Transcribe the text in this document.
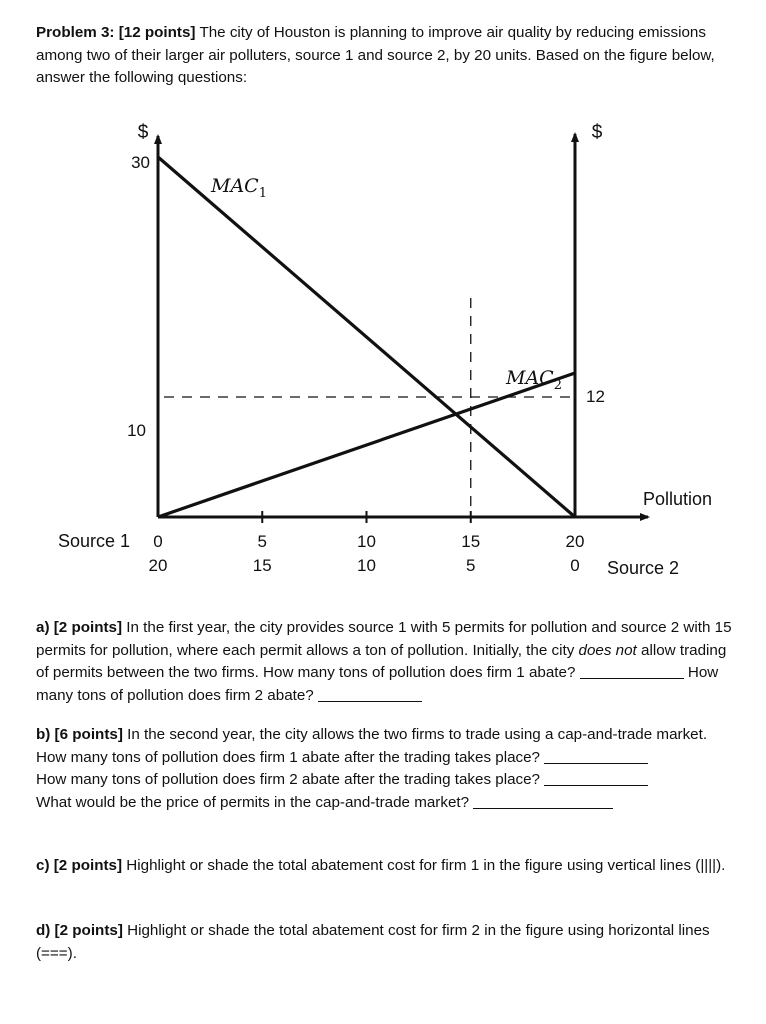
Problem 3: [12 points] The city of Houston is planning to improve air quality by reducing emissions among two of their larger air polluters, source 1 and source 2, by 20 units. Based on the figure below, answer the following questions:
$	$
30
10
12
Pollution
$MAC_1$
$MAC_2$
0
20
5
15
10
10
15
5
20
0
Source 1
Source 2
a) [2 points] In the first year, the city provides source 1 with 5 permits for pollution and source 2 with 15 permits for pollution, where each permit allows a ton of pollution. Initially, the city does not allow trading of permits between the two firms. How many tons of pollution does firm 1 abate?	How many tons of pollution does firm 2 abate?
b) [6 points] In the second year, the city allows the two firms to trade using a cap-and-trade market.
How many tons of pollution does firm 1 abate after the trading takes place?
How many tons of pollution does firm 2 abate after the trading takes place?
What would be the price of permits in the cap-and-trade market?
c) [2 points] Highlight or shade the total abatement cost for firm 1 in the figure using vertical lines (||||).
d) [2 points] Highlight or shade the total abatement cost for firm 2 in the figure using horizontal lines (===).
